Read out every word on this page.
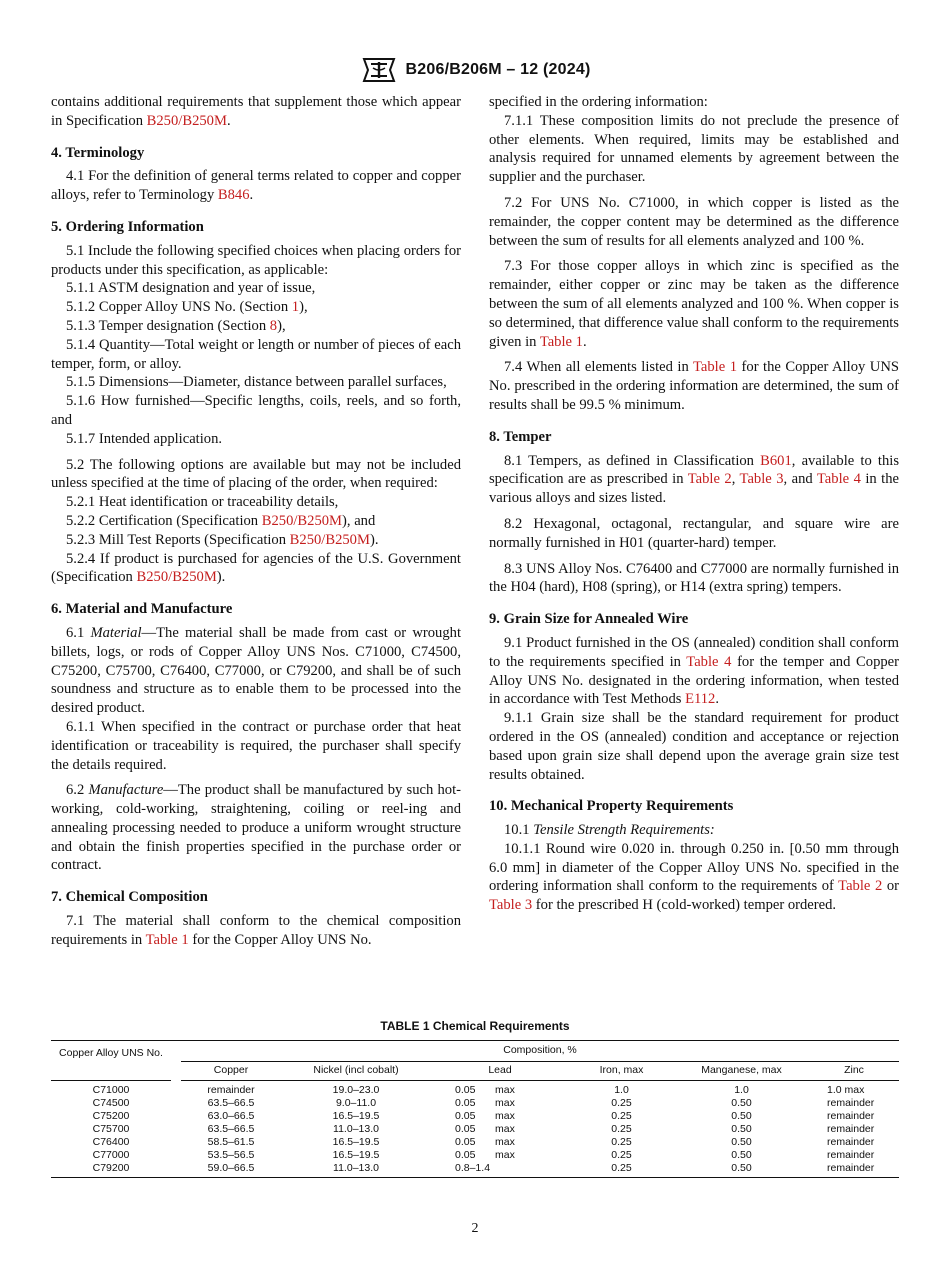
B206/B206M – 12 (2024)

contains additional requirements that supplement those which appear in Specification B250/B250M.

4. Terminology

4.1 For the definition of general terms related to copper and copper alloys, refer to Terminology B846.

5. Ordering Information

5.1 Include the following specified choices when placing orders for products under this specification, as applicable:

5.1.1 ASTM designation and year of issue,

5.1.2 Copper Alloy UNS No. (Section 1),

5.1.3 Temper designation (Section 8),

5.1.4 Quantity—Total weight or length or number of pieces of each temper, form, or alloy.

5.1.5 Dimensions—Diameter, distance between parallel surfaces,

5.1.6 How furnished—Specific lengths, coils, reels, and so forth, and

5.1.7 Intended application.

5.2 The following options are available but may not be included unless specified at the time of placing of the order, when required:

5.2.1 Heat identification or traceability details,

5.2.2 Certification (Specification B250/B250M), and

5.2.3 Mill Test Reports (Specification B250/B250M).

5.2.4 If product is purchased for agencies of the U.S. Government (Specification B250/B250M).

6. Material and Manufacture

6.1 Material—The material shall be made from cast or wrought billets, logs, or rods of Copper Alloy UNS Nos. C71000, C74500, C75200, C75700, C76400, C77000, or C79200, and shall be of such soundness and structure as to enable them to be processed into the desired product.

6.1.1 When specified in the contract or purchase order that heat identification or traceability is required, the purchaser shall specify the details required.

6.2 Manufacture—The product shall be manufactured by such hot-working, cold-working, straightening, coiling or reel-ing and annealing processing needed to produce a uniform wrought structure and obtain the finish properties specified in the purchase order or contract.

7. Chemical Composition

7.1 The material shall conform to the chemical composition requirements in Table 1 for the Copper Alloy UNS No.

specified in the ordering information:

7.1.1 These composition limits do not preclude the presence of other elements. When required, limits may be established and analysis required for unnamed elements by agreement between the supplier and the purchaser.

7.2 For UNS No. C71000, in which copper is listed as the remainder, the copper content may be determined as the difference between the sum of results for all elements analyzed and 100 %.

7.3 For those copper alloys in which zinc is specified as the remainder, either copper or zinc may be taken as the difference between the sum of all elements analyzed and 100 %. When copper is so determined, that difference value shall conform to the requirements given in Table 1.

7.4 When all elements listed in Table 1 for the Copper Alloy UNS No. prescribed in the ordering information are determined, the sum of results shall be 99.5 % minimum.

8. Temper

8.1 Tempers, as defined in Classification B601, available to this specification are as prescribed in Table 2, Table 3, and Table 4 in the various alloys and sizes listed.

8.2 Hexagonal, octagonal, rectangular, and square wire are normally furnished in H01 (quarter-hard) temper.

8.3 UNS Alloy Nos. C76400 and C77000 are normally furnished in the H04 (hard), H08 (spring), or H14 (extra spring) tempers.

9. Grain Size for Annealed Wire

9.1 Product furnished in the OS (annealed) condition shall conform to the requirements specified in Table 4 for the temper and Copper Alloy UNS No. designated in the ordering information, when tested in accordance with Test Methods E112.

9.1.1 Grain size shall be the standard requirement for product ordered in the OS (annealed) condition and acceptance or rejection based upon grain size shall depend upon the average grain size test results obtained.

10. Mechanical Property Requirements

10.1 Tensile Strength Requirements:

10.1.1 Round wire 0.020 in. through 0.250 in. [0.50 mm through 6.0 mm] in diameter of the Copper Alloy UNS No. specified in the ordering information shall conform to the requirements of Table 2 or Table 3 for the prescribed H (cold-worked) temper ordered.

TABLE 1 Chemical Requirements
Copper Alloy UNS No.		Composition, %					
		Copper	Nickel (incl cobalt)	Lead	Iron, max	Manganese, max	Zinc
C71000		remainder	19.0–23.0	0.05 max	1.0	1.0	1.0 max
C74500		63.5–66.5	9.0–11.0	0.05 max	0.25	0.50	remainder
C75200		63.0–66.5	16.5–19.5	0.05 max	0.25	0.50	remainder
C75700		63.5–66.5	11.0–13.0	0.05 max	0.25	0.50	remainder
C76400		58.5–61.5	16.5–19.5	0.05 max	0.25	0.50	remainder
C77000		53.5–56.5	16.5–19.5	0.05 max	0.25	0.50	remainder
C79200		59.0–66.5	11.0–13.0	0.8–1.4	0.25	0.50	remainder
2
